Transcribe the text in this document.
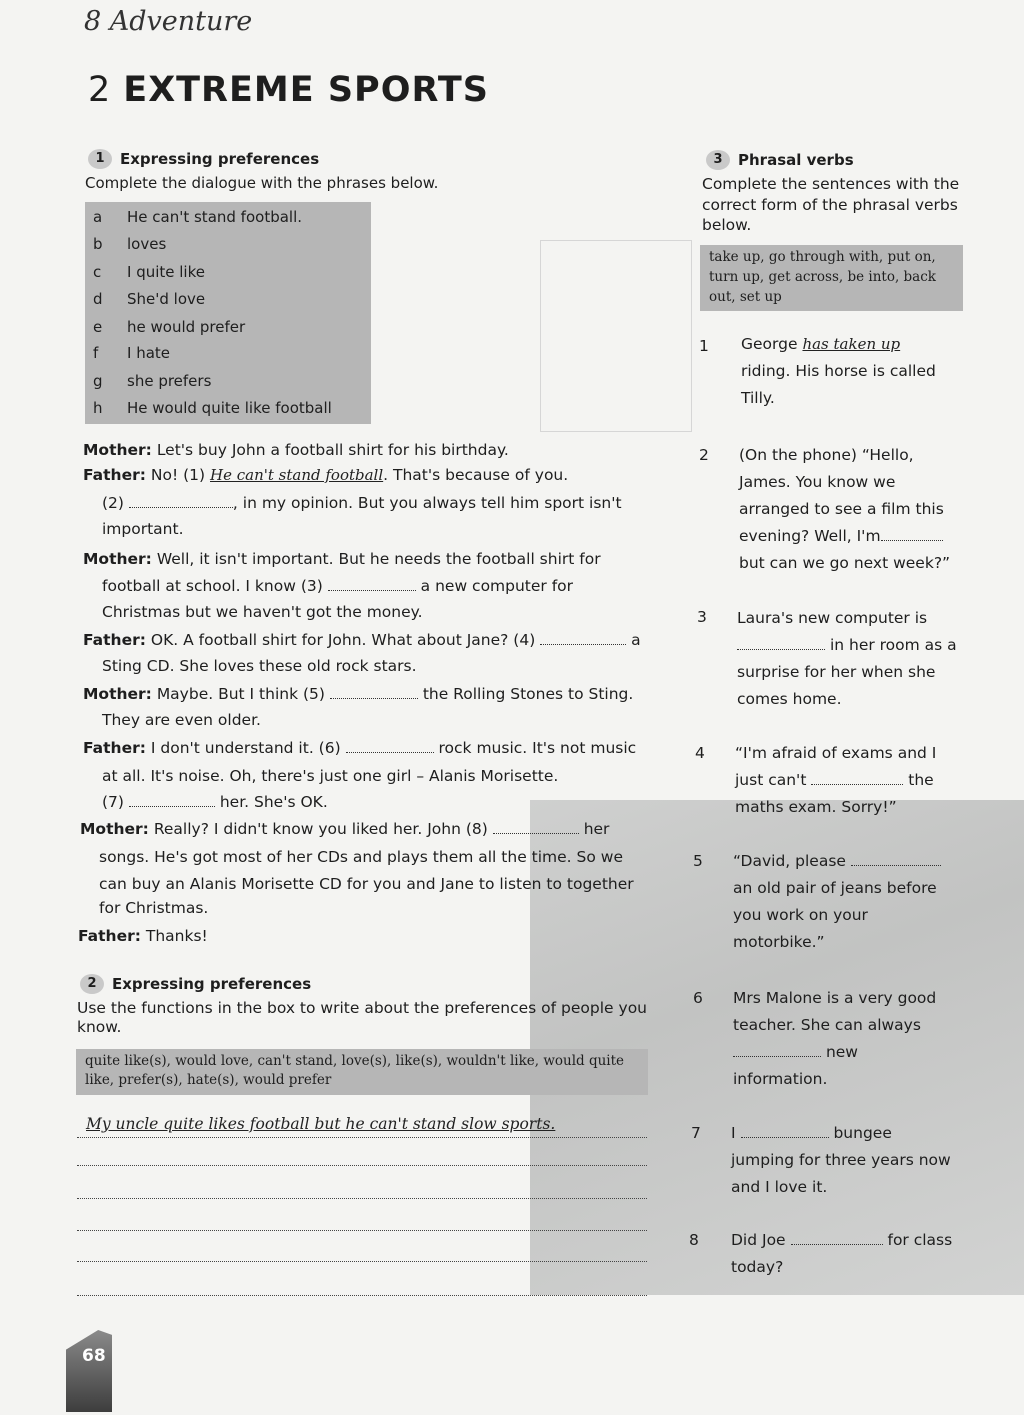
8 Adventure
2 EXTREME SPORTS
1	Expressing preferences
Complete the dialogue with the phrases below.
a He can't stand football.
b loves
c I quite like
d She'd love
e he would prefer
f I hate
g she prefers
h He would quite like football
Mother: Let's buy John a football shirt for his birthday.
Father: No! (1) He can't stand football. That's because of you.
(2)	, in my opinion. But you always tell him sport isn't
important.
Mother: Well, it isn't important. But he needs the football shirt for
football at school. I know (3)	a new computer for
Christmas but we haven't got the money.
Father: OK. A football shirt for John. What about Jane? (4)	a
Sting CD. She loves these old rock stars.
Mother: Maybe. But I think (5)	the Rolling Stones to Sting.
They are even older.
Father: I don't understand it. (6)	rock music. It's not music
at all. It's noise. Oh, there's just one girl – Alanis Morisette.
(7)	her. She's OK.
Mother: Really? I didn't know you liked her. John (8)	her
songs. He's got most of her CDs and plays them all the time. So we
can buy an Alanis Morisette CD for you and Jane to listen to together
for Christmas.
Father: Thanks!
2	Expressing preferences
Use the functions in the box to write about the preferences of people you
know.
quite like(s), would love, can't stand, love(s), like(s), wouldn't like, would quite
like, prefer(s), hate(s), would prefer
My uncle quite likes football but he can't stand slow sports.
3	Phrasal verbs
Complete the sentences with the
correct form of the phrasal verbs
below.
take up, go through with, put on,
turn up, get across, be into, back
out, set up
1 George has taken up
riding. His horse is called
Tilly.
2 (On the phone) “Hello,
James. You know we
arranged to see a film this
evening? Well, I'm
but can we go next week?”
3 Laura's new computer is
in her room as a
surprise for her when she
comes home.
4 “I'm afraid of exams and I
just can't	the
maths exam. Sorry!”
5 “David, please
an old pair of jeans before
you work on your
motorbike.”
6 Mrs Malone is a very good
teacher. She can always
new
information.
7 I	bungee
jumping for three years now
and I love it.
8 Did Joe	for class
today?
68
